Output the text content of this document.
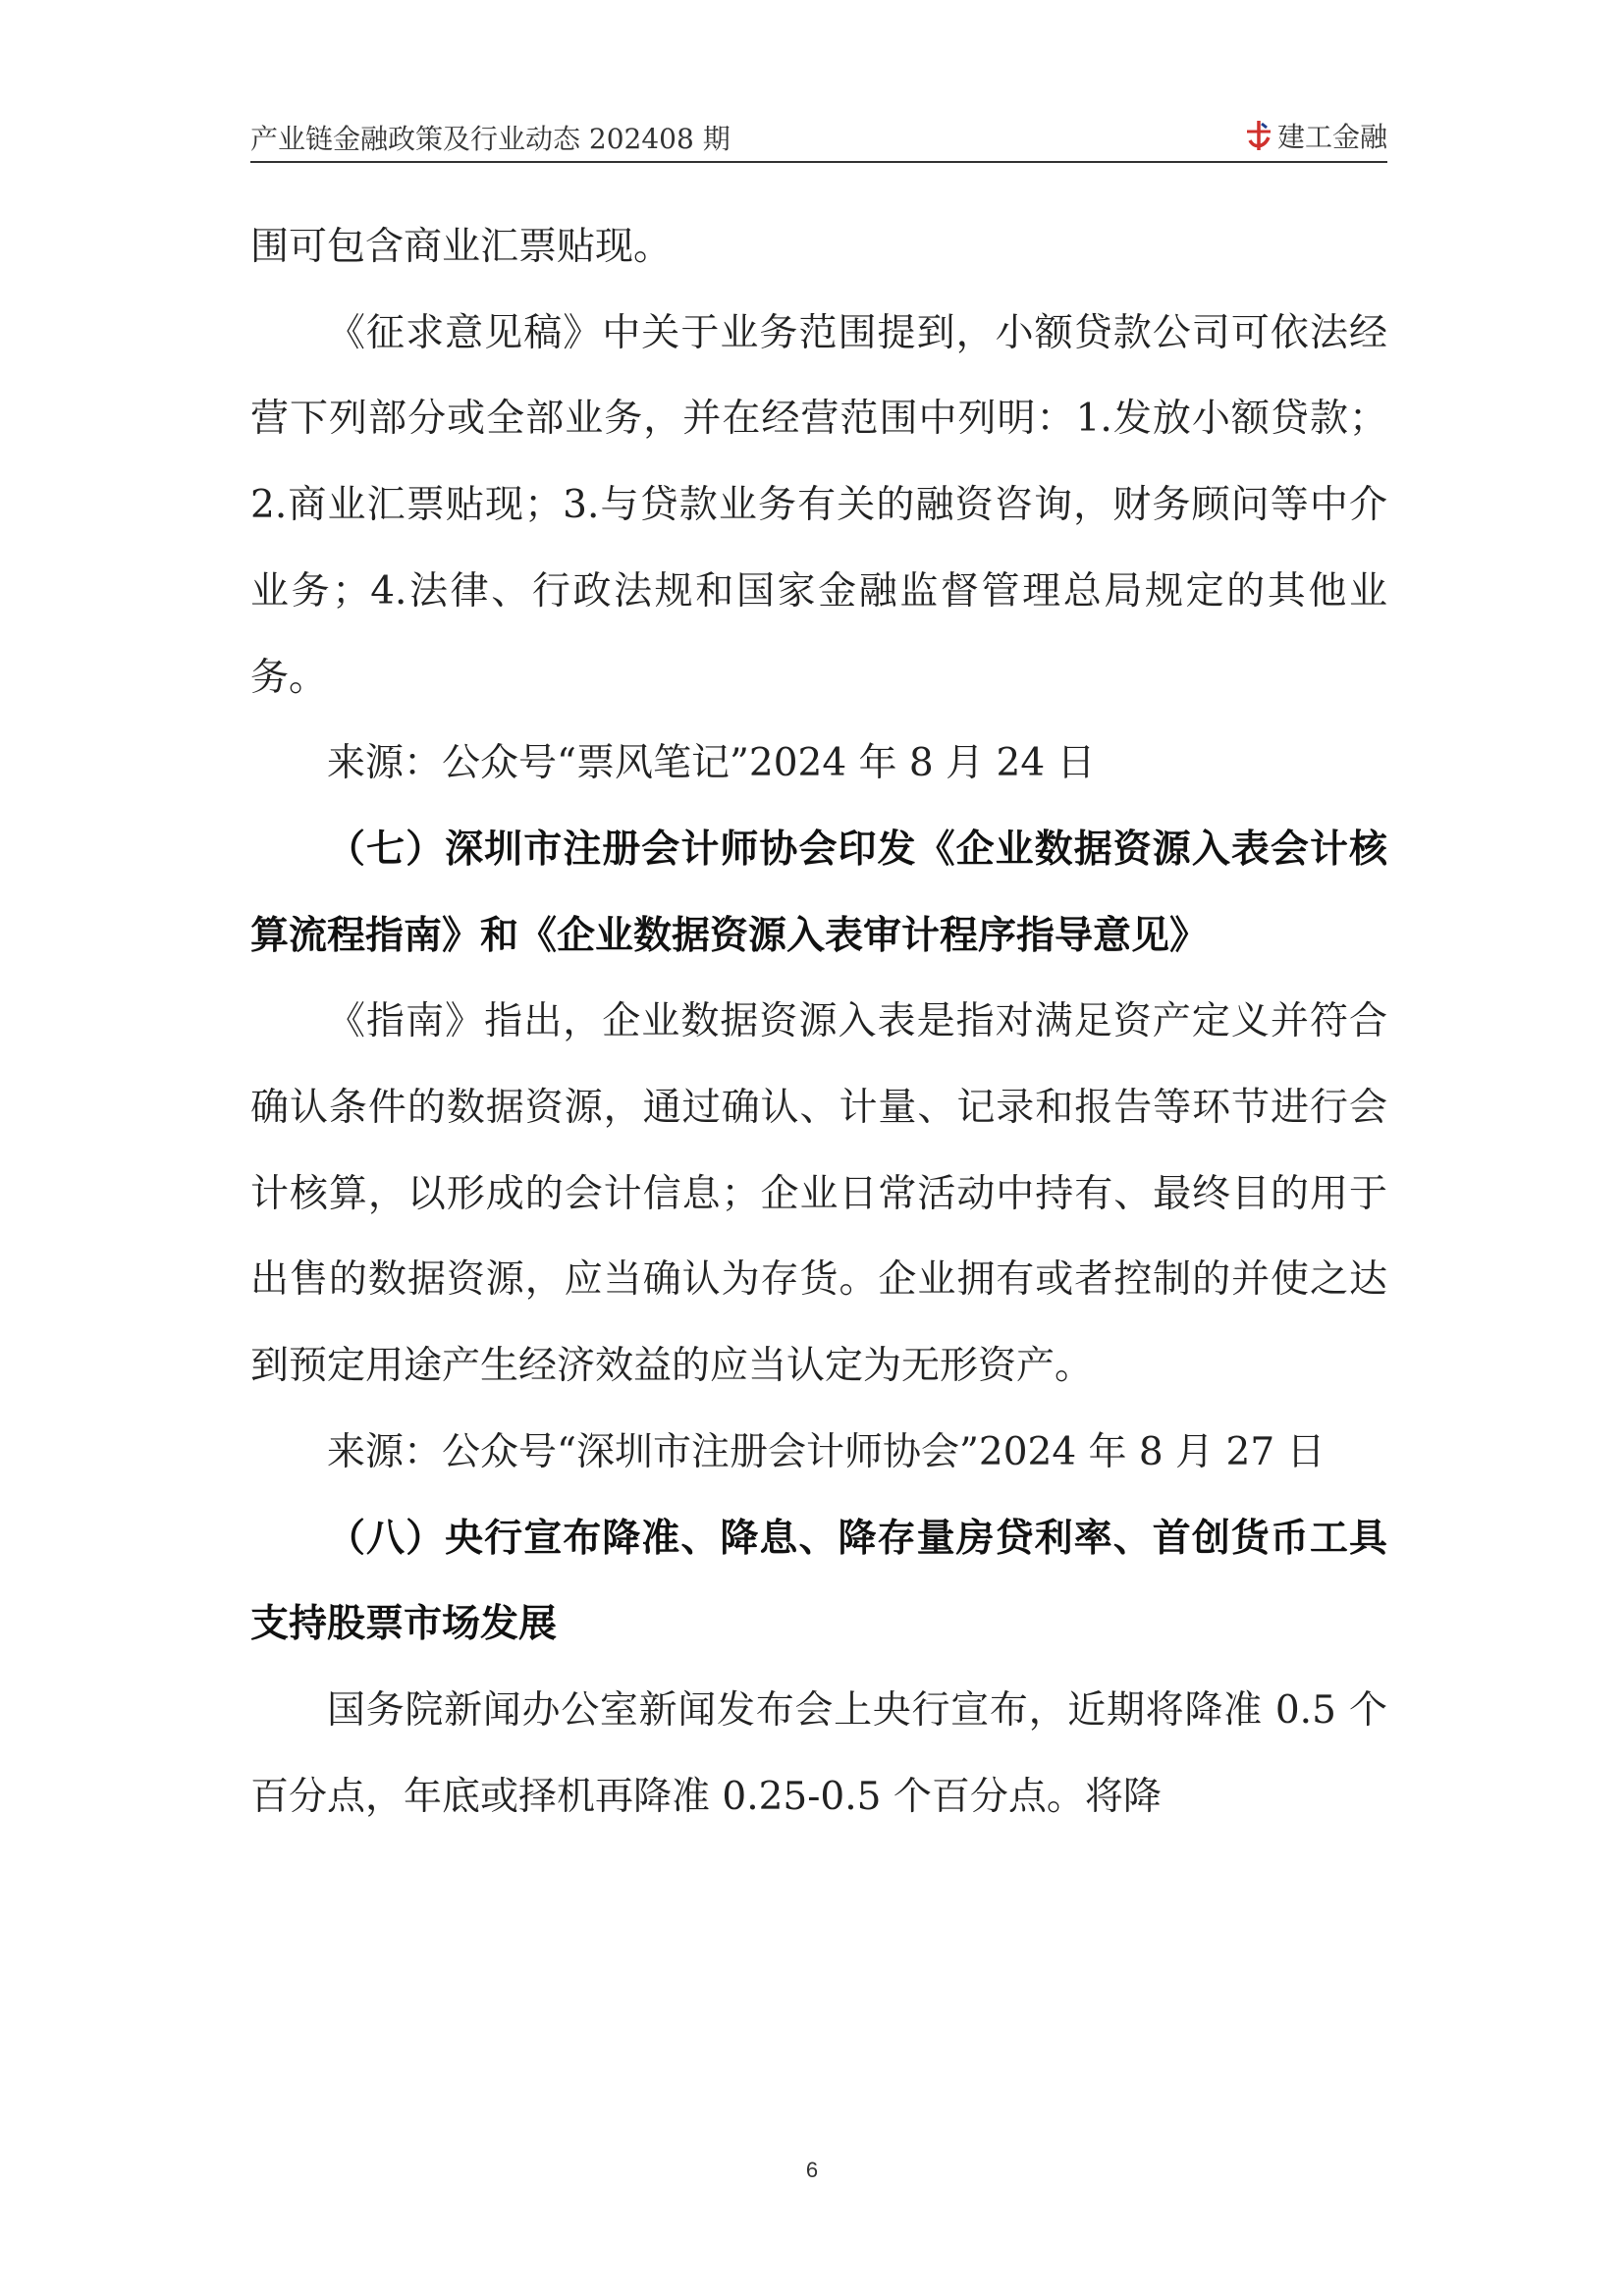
产业链金融政策及行业动态 202408 期	建工金融

围可包含商业汇票贴现。

《征求意见稿》中关于业务范围提到，小额贷款公司可依法经营下列部分或全部业务，并在经营范围中列明：1.发放小额贷款；2.商业汇票贴现；3.与贷款业务有关的融资咨询，财务顾问等中介业务；4.法律、行政法规和国家金融监督管理总局规定的其他业务。

来源：公众号“票风笔记”2024 年 8 月 24 日

（七）深圳市注册会计师协会印发《企业数据资源入表会计核算流程指南》和《企业数据资源入表审计程序指导意见》

《指南》指出，企业数据资源入表是指对满足资产定义并符合确认条件的数据资源，通过确认、计量、记录和报告等环节进行会计核算，以形成的会计信息；企业日常活动中持有、最终目的用于出售的数据资源，应当确认为存货。企业拥有或者控制的并使之达到预定用途产生经济效益的应当认定为无形资产。

来源：公众号“深圳市注册会计师协会”2024 年 8 月 27 日

（八）央行宣布降准、降息、降存量房贷利率、首创货币工具支持股票市场发展

国务院新闻办公室新闻发布会上央行宣布，近期将降准 0.5 个百分点，年底或择机再降准 0.25-0.5 个百分点。将降

6
